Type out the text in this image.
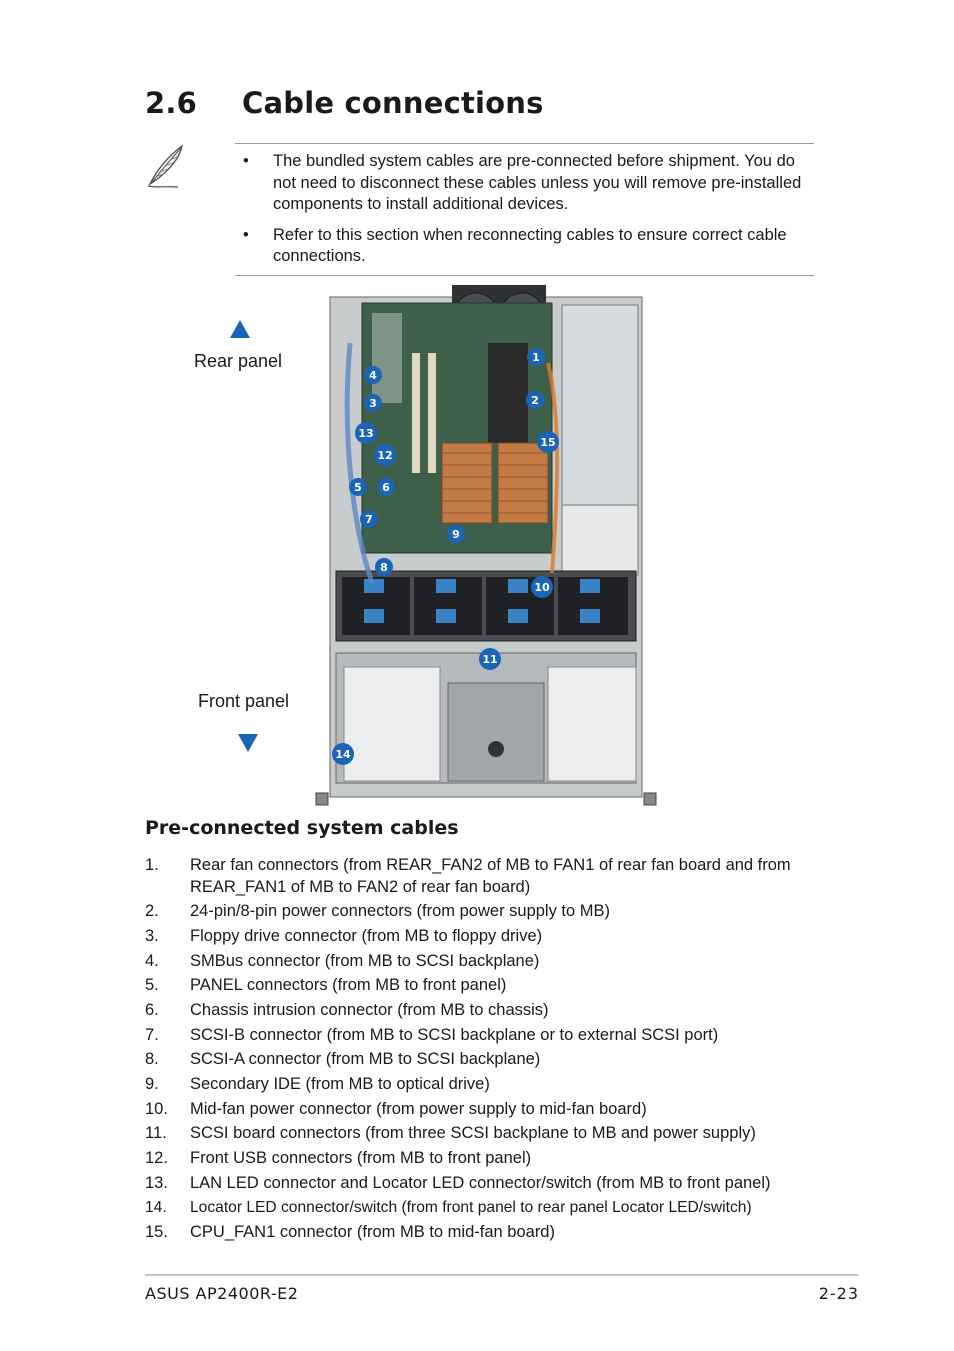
2.6 Cable connections
• The bundled system cables are pre-connected before shipment. You do not need to disconnect these cables unless you will remove pre-installed components to install additional devices.
• Refer to this section when reconnecting cables to ensure correct cable connections.
Rear panel
Front panel
1
2
3
4
5 6
7
8
9
10
11
12
13
14
15
Pre-connected system cables
1. Rear fan connectors (from REAR_FAN2 of MB to FAN1 of rear fan board and from REAR_FAN1 of MB to FAN2 of rear fan board)
2. 24-pin/8-pin power connectors (from power supply to MB)
3. Floppy drive connector (from MB to floppy drive)
4. SMBus connector (from MB to SCSI backplane)
5. PANEL connectors (from MB to front panel)
6. Chassis intrusion connector (from MB to chassis)
7. SCSI-B connector (from MB to SCSI backplane or to external SCSI port)
8. SCSI-A connector (from MB to SCSI backplane)
9. Secondary IDE (from MB to optical drive)
10. Mid-fan power connector (from power supply to mid-fan board)
11. SCSI board connectors (from three SCSI backplane to MB and power supply)
12. Front USB connectors (from MB to front panel)
13. LAN LED connector and Locator LED connector/switch (from MB to front panel)
14. Locator LED connector/switch (from front panel to rear panel Locator LED/switch)
15. CPU_FAN1 connector (from MB to mid-fan board)
ASUS AP2400R-E2	2-23
